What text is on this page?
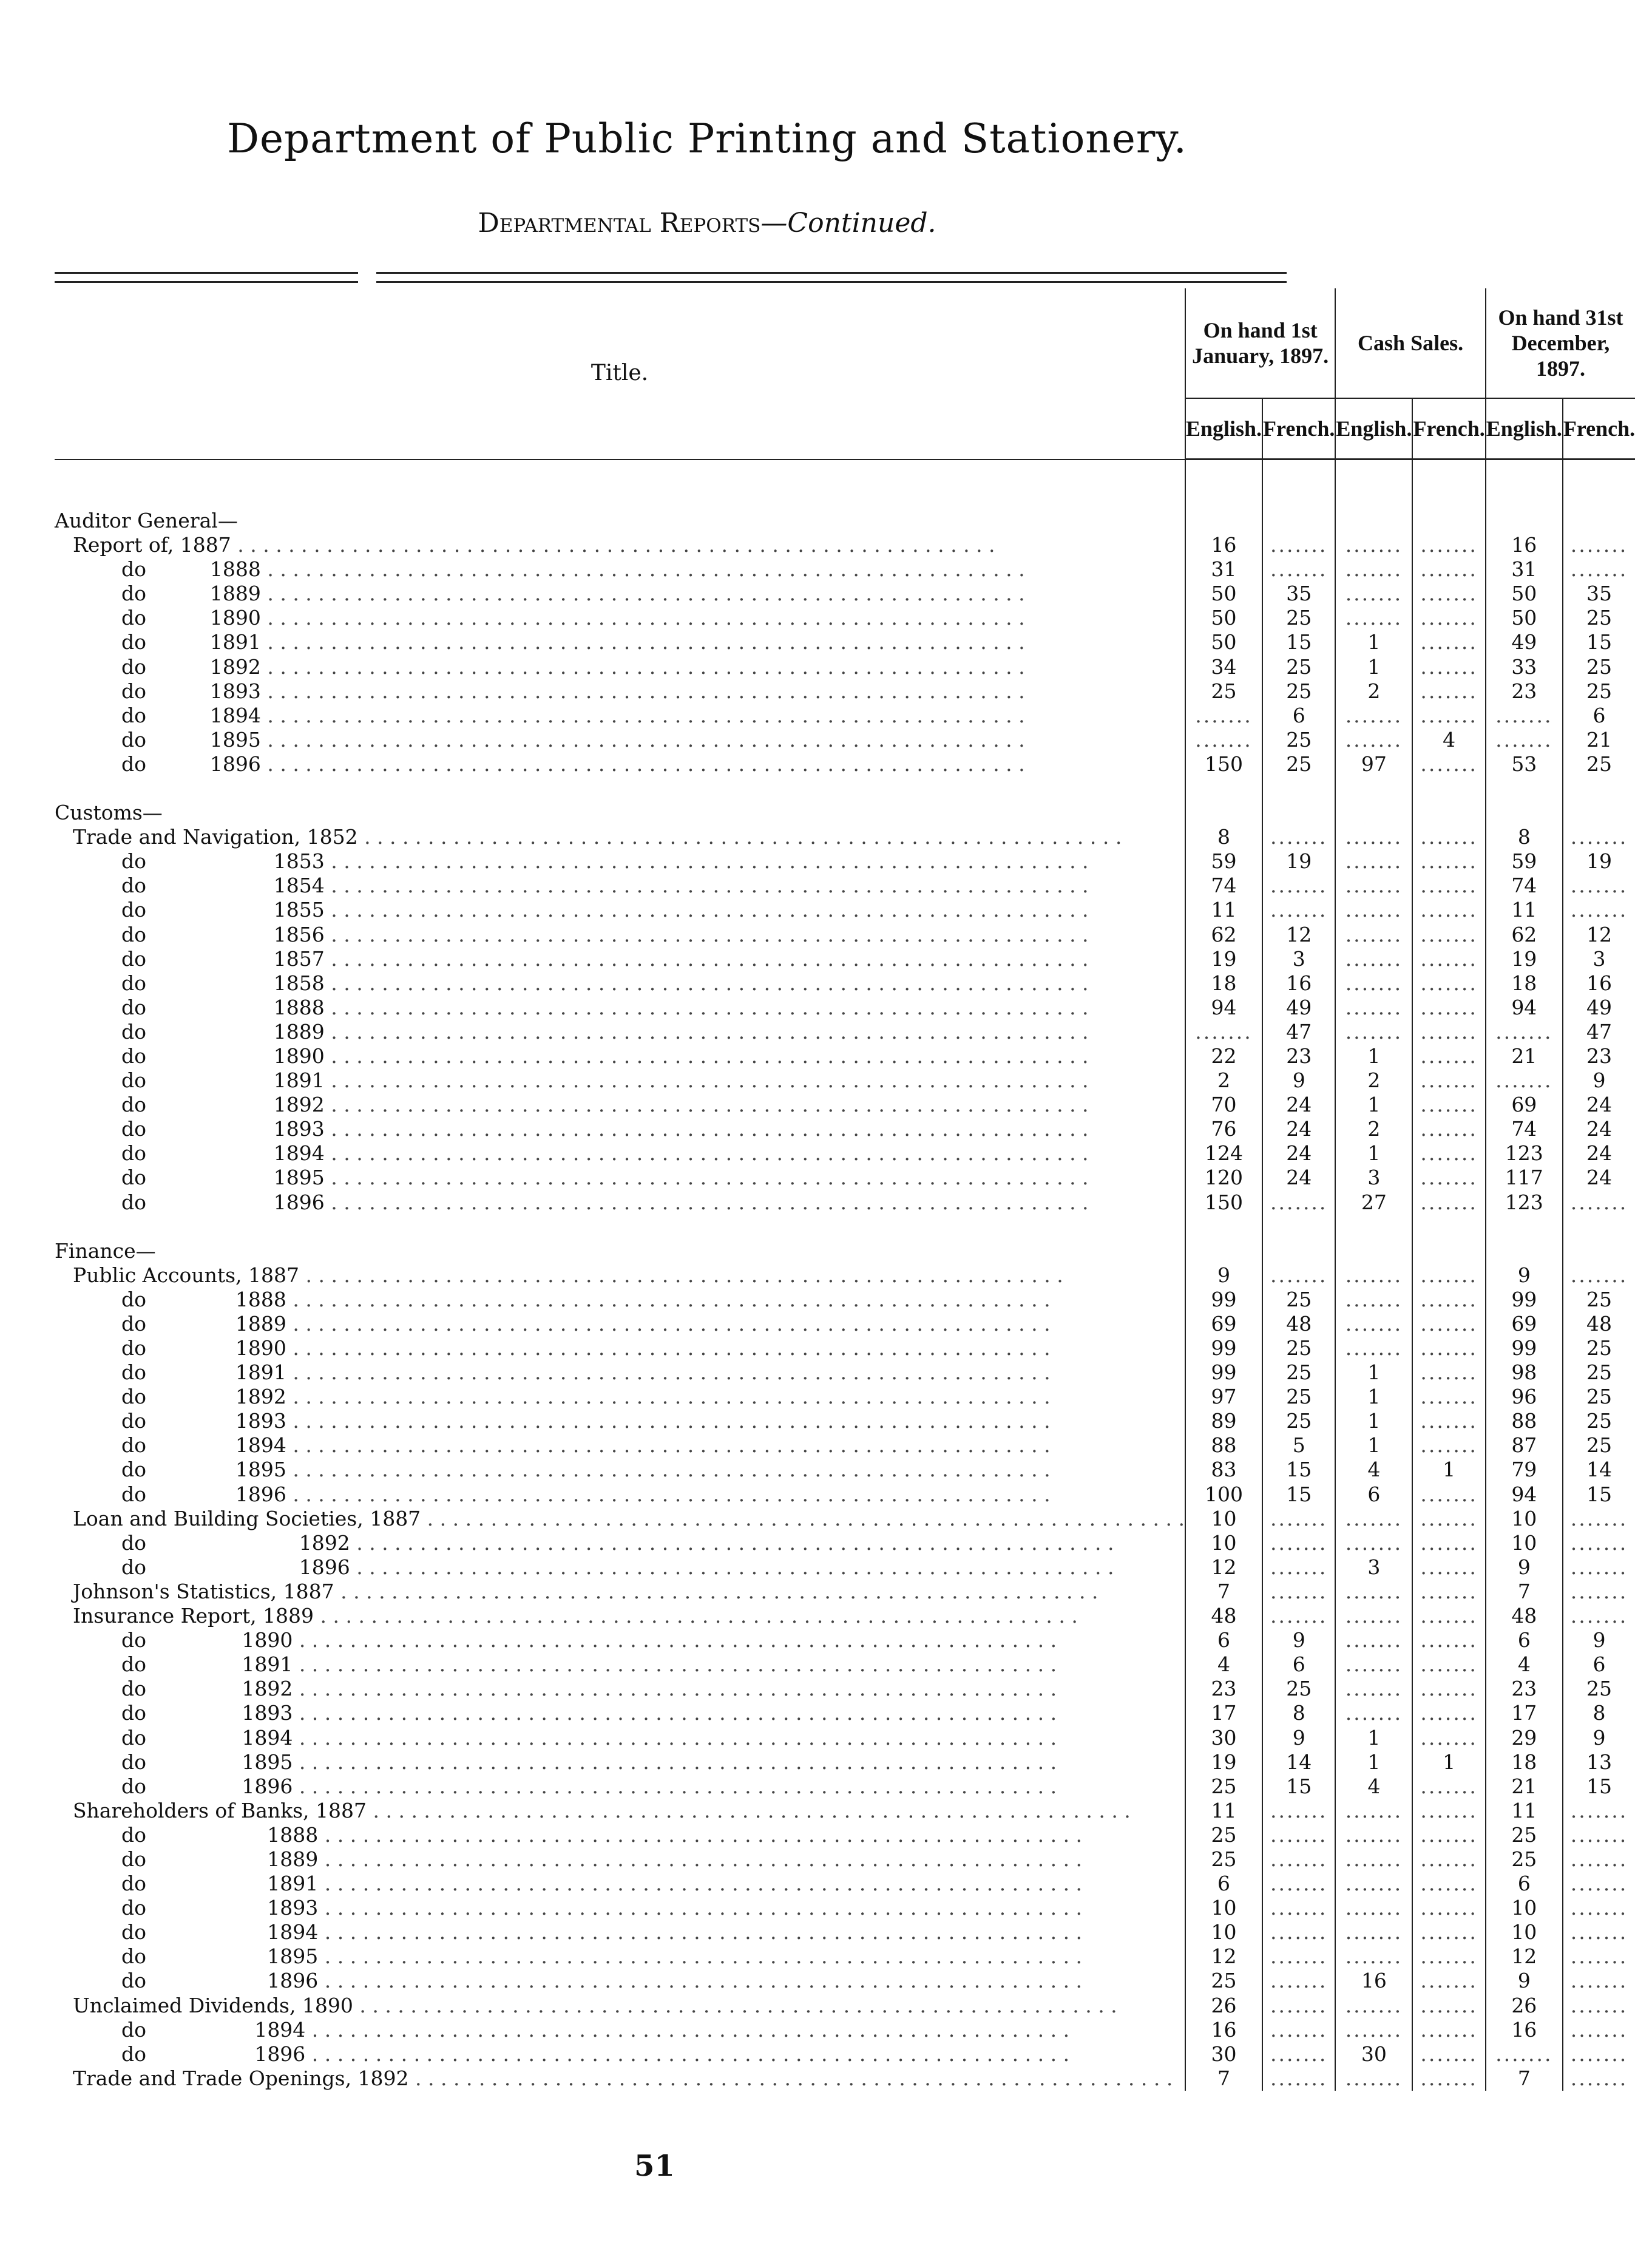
Department of Public Printing and Stationery.
Departmental Reports—Continued.
Title.	On hand 1st January, 1897.		Cash Sales.		On hand 31st December, 1897.	
	English.	French.	English.	French.	English.	French.

Auditor General—						
Report of, 1887 . . . . . . . . . . . . . . . . . . . . . . . . . . . . . . . . . . . . . . . . . . . . . . . . . . . . . . . . . . . .	16	.......	.......	.......	16	.......
do          1888 . . . . . . . . . . . . . . . . . . . . . . . . . . . . . . . . . . . . . . . . . . . . . . . . . . . . . . . . . . . .	31	.......	.......	.......	31	.......
do          1889 . . . . . . . . . . . . . . . . . . . . . . . . . . . . . . . . . . . . . . . . . . . . . . . . . . . . . . . . . . . .	50	35	.......	.......	50	35
do          1890 . . . . . . . . . . . . . . . . . . . . . . . . . . . . . . . . . . . . . . . . . . . . . . . . . . . . . . . . . . . .	50	25	.......	.......	50	25
do          1891 . . . . . . . . . . . . . . . . . . . . . . . . . . . . . . . . . . . . . . . . . . . . . . . . . . . . . . . . . . . .	50	15	1	.......	49	15
do          1892 . . . . . . . . . . . . . . . . . . . . . . . . . . . . . . . . . . . . . . . . . . . . . . . . . . . . . . . . . . . .	34	25	1	.......	33	25
do          1893 . . . . . . . . . . . . . . . . . . . . . . . . . . . . . . . . . . . . . . . . . . . . . . . . . . . . . . . . . . . .	25	25	2	.......	23	25
do          1894 . . . . . . . . . . . . . . . . . . . . . . . . . . . . . . . . . . . . . . . . . . . . . . . . . . . . . . . . . . . .	.......	6	.......	.......	.......	6
do          1895 . . . . . . . . . . . . . . . . . . . . . . . . . . . . . . . . . . . . . . . . . . . . . . . . . . . . . . . . . . . .	.......	25	.......	4	.......	21
do          1896 . . . . . . . . . . . . . . . . . . . . . . . . . . . . . . . . . . . . . . . . . . . . . . . . . . . . . . . . . . . .	150	25	97	.......	53	25

Customs—						
Trade and Navigation, 1852 . . . . . . . . . . . . . . . . . . . . . . . . . . . . . . . . . . . . . . . . . . . . . . . . . . . . . . . . . . . .	8	.......	.......	.......	8	.......
do                    1853 . . . . . . . . . . . . . . . . . . . . . . . . . . . . . . . . . . . . . . . . . . . . . . . . . . . . . . . . . . . .	59	19	.......	.......	59	19
do                    1854 . . . . . . . . . . . . . . . . . . . . . . . . . . . . . . . . . . . . . . . . . . . . . . . . . . . . . . . . . . . .	74	.......	.......	.......	74	.......
do                    1855 . . . . . . . . . . . . . . . . . . . . . . . . . . . . . . . . . . . . . . . . . . . . . . . . . . . . . . . . . . . .	11	.......	.......	.......	11	.......
do                    1856 . . . . . . . . . . . . . . . . . . . . . . . . . . . . . . . . . . . . . . . . . . . . . . . . . . . . . . . . . . . .	62	12	.......	.......	62	12
do                    1857 . . . . . . . . . . . . . . . . . . . . . . . . . . . . . . . . . . . . . . . . . . . . . . . . . . . . . . . . . . . .	19	3	.......	.......	19	3
do                    1858 . . . . . . . . . . . . . . . . . . . . . . . . . . . . . . . . . . . . . . . . . . . . . . . . . . . . . . . . . . . .	18	16	.......	.......	18	16
do                    1888 . . . . . . . . . . . . . . . . . . . . . . . . . . . . . . . . . . . . . . . . . . . . . . . . . . . . . . . . . . . .	94	49	.......	.......	94	49
do                    1889 . . . . . . . . . . . . . . . . . . . . . . . . . . . . . . . . . . . . . . . . . . . . . . . . . . . . . . . . . . . .	.......	47	.......	.......	.......	47
do                    1890 . . . . . . . . . . . . . . . . . . . . . . . . . . . . . . . . . . . . . . . . . . . . . . . . . . . . . . . . . . . .	22	23	1	.......	21	23
do                    1891 . . . . . . . . . . . . . . . . . . . . . . . . . . . . . . . . . . . . . . . . . . . . . . . . . . . . . . . . . . . .	2	9	2	.......	.......	9
do                    1892 . . . . . . . . . . . . . . . . . . . . . . . . . . . . . . . . . . . . . . . . . . . . . . . . . . . . . . . . . . . .	70	24	1	.......	69	24
do                    1893 . . . . . . . . . . . . . . . . . . . . . . . . . . . . . . . . . . . . . . . . . . . . . . . . . . . . . . . . . . . .	76	24	2	.......	74	24
do                    1894 . . . . . . . . . . . . . . . . . . . . . . . . . . . . . . . . . . . . . . . . . . . . . . . . . . . . . . . . . . . .	124	24	1	.......	123	24
do                    1895 . . . . . . . . . . . . . . . . . . . . . . . . . . . . . . . . . . . . . . . . . . . . . . . . . . . . . . . . . . . .	120	24	3	.......	117	24
do                    1896 . . . . . . . . . . . . . . . . . . . . . . . . . . . . . . . . . . . . . . . . . . . . . . . . . . . . . . . . . . . .	150	.......	27	.......	123	.......

Finance—						
Public Accounts, 1887 . . . . . . . . . . . . . . . . . . . . . . . . . . . . . . . . . . . . . . . . . . . . . . . . . . . . . . . . . . . .	9	.......	.......	.......	9	.......
do              1888 . . . . . . . . . . . . . . . . . . . . . . . . . . . . . . . . . . . . . . . . . . . . . . . . . . . . . . . . . . . .	99	25	.......	.......	99	25
do              1889 . . . . . . . . . . . . . . . . . . . . . . . . . . . . . . . . . . . . . . . . . . . . . . . . . . . . . . . . . . . .	69	48	.......	.......	69	48
do              1890 . . . . . . . . . . . . . . . . . . . . . . . . . . . . . . . . . . . . . . . . . . . . . . . . . . . . . . . . . . . .	99	25	.......	.......	99	25
do              1891 . . . . . . . . . . . . . . . . . . . . . . . . . . . . . . . . . . . . . . . . . . . . . . . . . . . . . . . . . . . .	99	25	1	.......	98	25
do              1892 . . . . . . . . . . . . . . . . . . . . . . . . . . . . . . . . . . . . . . . . . . . . . . . . . . . . . . . . . . . .	97	25	1	.......	96	25
do              1893 . . . . . . . . . . . . . . . . . . . . . . . . . . . . . . . . . . . . . . . . . . . . . . . . . . . . . . . . . . . .	89	25	1	.......	88	25
do              1894 . . . . . . . . . . . . . . . . . . . . . . . . . . . . . . . . . . . . . . . . . . . . . . . . . . . . . . . . . . . .	88	5	1	.......	87	25
do              1895 . . . . . . . . . . . . . . . . . . . . . . . . . . . . . . . . . . . . . . . . . . . . . . . . . . . . . . . . . . . .	83	15	4	1	79	14
do              1896 . . . . . . . . . . . . . . . . . . . . . . . . . . . . . . . . . . . . . . . . . . . . . . . . . . . . . . . . . . . .	100	15	6	.......	94	15
Loan and Building Societies, 1887 . . . . . . . . . . . . . . . . . . . . . . . . . . . . . . . . . . . . . . . . . . . . . . . . . . . . . . . . . . . .	10	.......	.......	.......	10	.......
do                        1892 . . . . . . . . . . . . . . . . . . . . . . . . . . . . . . . . . . . . . . . . . . . . . . . . . . . . . . . . . . . .	10	.......	.......	.......	10	.......
do                        1896 . . . . . . . . . . . . . . . . . . . . . . . . . . . . . . . . . . . . . . . . . . . . . . . . . . . . . . . . . . . .	12	.......	3	.......	9	.......
Johnson's Statistics, 1887 . . . . . . . . . . . . . . . . . . . . . . . . . . . . . . . . . . . . . . . . . . . . . . . . . . . . . . . . . . . .	7	.......	.......	.......	7	.......
Insurance Report, 1889 . . . . . . . . . . . . . . . . . . . . . . . . . . . . . . . . . . . . . . . . . . . . . . . . . . . . . . . . . . . .	48	.......	.......	.......	48	.......
do               1890 . . . . . . . . . . . . . . . . . . . . . . . . . . . . . . . . . . . . . . . . . . . . . . . . . . . . . . . . . . . .	6	9	.......	.......	6	9
do               1891 . . . . . . . . . . . . . . . . . . . . . . . . . . . . . . . . . . . . . . . . . . . . . . . . . . . . . . . . . . . .	4	6	.......	.......	4	6
do               1892 . . . . . . . . . . . . . . . . . . . . . . . . . . . . . . . . . . . . . . . . . . . . . . . . . . . . . . . . . . . .	23	25	.......	.......	23	25
do               1893 . . . . . . . . . . . . . . . . . . . . . . . . . . . . . . . . . . . . . . . . . . . . . . . . . . . . . . . . . . . .	17	8	.......	.......	17	8
do               1894 . . . . . . . . . . . . . . . . . . . . . . . . . . . . . . . . . . . . . . . . . . . . . . . . . . . . . . . . . . . .	30	9	1	.......	29	9
do               1895 . . . . . . . . . . . . . . . . . . . . . . . . . . . . . . . . . . . . . . . . . . . . . . . . . . . . . . . . . . . .	19	14	1	1	18	13
do               1896 . . . . . . . . . . . . . . . . . . . . . . . . . . . . . . . . . . . . . . . . . . . . . . . . . . . . . . . . . . . .	25	15	4	.......	21	15
Shareholders of Banks, 1887 . . . . . . . . . . . . . . . . . . . . . . . . . . . . . . . . . . . . . . . . . . . . . . . . . . . . . . . . . . . .	11	.......	.......	.......	11	.......
do                   1888 . . . . . . . . . . . . . . . . . . . . . . . . . . . . . . . . . . . . . . . . . . . . . . . . . . . . . . . . . . . .	25	.......	.......	.......	25	.......
do                   1889 . . . . . . . . . . . . . . . . . . . . . . . . . . . . . . . . . . . . . . . . . . . . . . . . . . . . . . . . . . . .	25	.......	.......	.......	25	.......
do                   1891 . . . . . . . . . . . . . . . . . . . . . . . . . . . . . . . . . . . . . . . . . . . . . . . . . . . . . . . . . . . .	6	.......	.......	.......	6	.......
do                   1893 . . . . . . . . . . . . . . . . . . . . . . . . . . . . . . . . . . . . . . . . . . . . . . . . . . . . . . . . . . . .	10	.......	.......	.......	10	.......
do                   1894 . . . . . . . . . . . . . . . . . . . . . . . . . . . . . . . . . . . . . . . . . . . . . . . . . . . . . . . . . . . .	10	.......	.......	.......	10	.......
do                   1895 . . . . . . . . . . . . . . . . . . . . . . . . . . . . . . . . . . . . . . . . . . . . . . . . . . . . . . . . . . . .	12	.......	.......	.......	12	.......
do                   1896 . . . . . . . . . . . . . . . . . . . . . . . . . . . . . . . . . . . . . . . . . . . . . . . . . . . . . . . . . . . .	25	.......	16	.......	9	.......
Unclaimed Dividends, 1890 . . . . . . . . . . . . . . . . . . . . . . . . . . . . . . . . . . . . . . . . . . . . . . . . . . . . . . . . . . . .	26	.......	.......	.......	26	.......
do                 1894 . . . . . . . . . . . . . . . . . . . . . . . . . . . . . . . . . . . . . . . . . . . . . . . . . . . . . . . . . . . .	16	.......	.......	.......	16	.......
do                 1896 . . . . . . . . . . . . . . . . . . . . . . . . . . . . . . . . . . . . . . . . . . . . . . . . . . . . . . . . . . . .	30	.......	30	.......	.......	.......
Trade and Trade Openings, 1892 . . . . . . . . . . . . . . . . . . . . . . . . . . . . . . . . . . . . . . . . . . . . . . . . . . . . . . . . . . . .	7	.......	.......	.......	7	.......
51
